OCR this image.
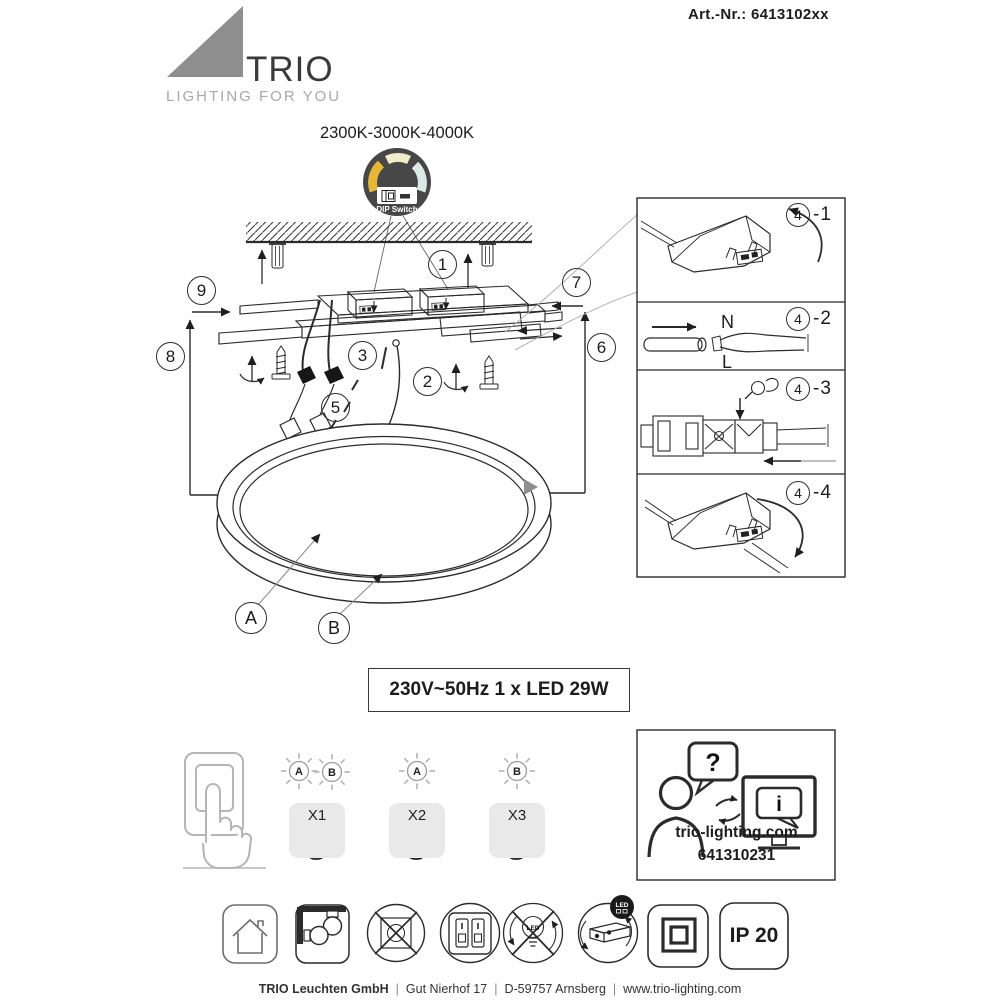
A B	A	B	?
i
LED
LED
Art.-Nr.: 6413102xx
TRIO
LIGHTING FOR YOU
2300K-3000K-4000K
DIP Switch
1
2
3
5
6
7
8
9
A	B
4 -1
4 -2
4 -3
4 -4
N
L
230V~50Hz 1 x LED 29W
X1	X2	X3
trio-lighting.com
641310231
IP 20
TRIO Leuchten GmbH | Gut Nierhof 17 | D-59757 Arnsberg | www.trio-lighting.com
